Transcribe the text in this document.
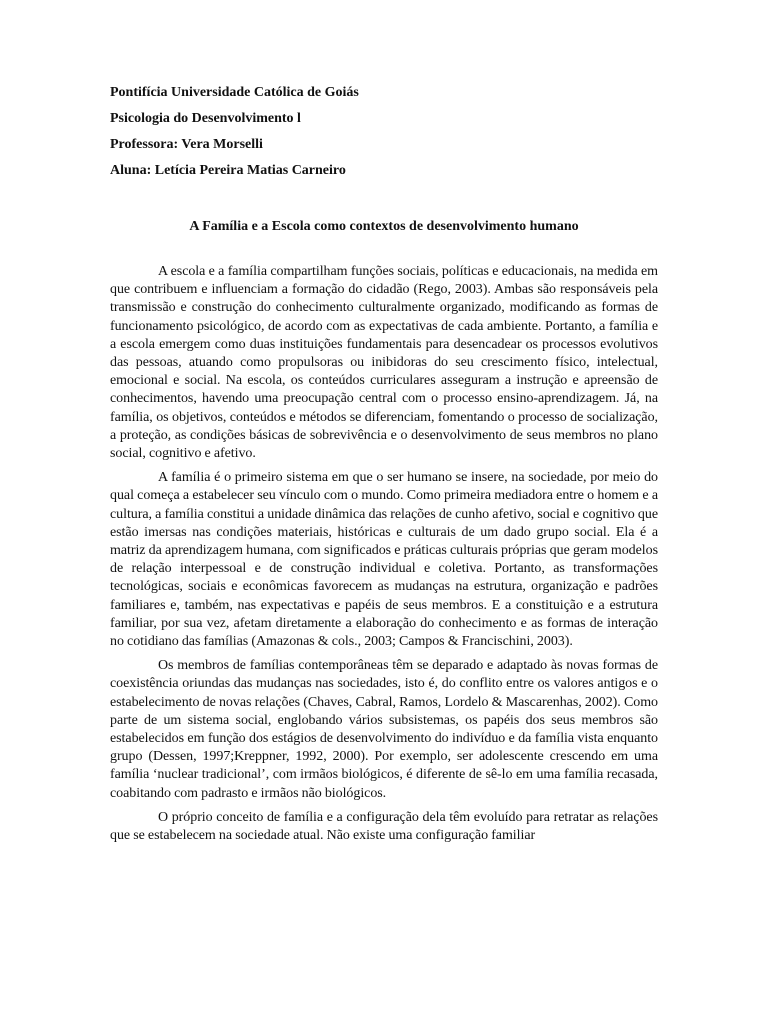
Pontifícia Universidade Católica de Goiás

Psicologia do Desenvolvimento l

Professora: Vera Morselli

Aluna: Letícia Pereira Matias Carneiro

A Família e a Escola como contextos de desenvolvimento humano

A escola e a família compartilham funções sociais, políticas e educacionais, na medida em que contribuem e influenciam a formação do cidadão (Rego, 2003). Ambas são responsáveis pela transmissão e construção do conhecimento culturalmente organizado, modificando as formas de funcionamento psicológico, de acordo com as expectativas de cada ambiente. Portanto, a família e a escola emergem como duas instituições fundamentais para desencadear os processos evolutivos das pessoas, atuando como propulsoras ou inibidoras do seu crescimento físico, intelectual, emocional e social. Na escola, os conteúdos curriculares asseguram a instrução e apreensão de conhecimentos, havendo uma preocupação central com o processo ensino-aprendizagem. Já, na família, os objetivos, conteúdos e métodos se diferenciam, fomentando o processo de socialização, a proteção, as condições básicas de sobrevivência e o desenvolvimento de seus membros no plano social, cognitivo e afetivo.

A família é o primeiro sistema em que o ser humano se insere, na sociedade, por meio do qual começa a estabelecer seu vínculo com o mundo. Como primeira mediadora entre o homem e a cultura, a família constitui a unidade dinâmica das relações de cunho afetivo, social e cognitivo que estão imersas nas condições materiais, históricas e culturais de um dado grupo social. Ela é a matriz da aprendizagem humana, com significados e práticas culturais próprias que geram modelos de relação interpessoal e de construção individual e coletiva. Portanto, as transformações tecnológicas, sociais e econômicas favorecem as mudanças na estrutura, organização e padrões familiares e, também, nas expectativas e papéis de seus membros. E a constituição e a estrutura familiar, por sua vez, afetam diretamente a elaboração do conhecimento e as formas de interação no cotidiano das famílias (Amazonas & cols., 2003; Campos & Francischini, 2003).

Os membros de famílias contemporâneas têm se deparado e adaptado às novas formas de coexistência oriundas das mudanças nas sociedades, isto é, do conflito entre os valores antigos e o estabelecimento de novas relações (Chaves, Cabral, Ramos, Lordelo & Mascarenhas, 2002). Como parte de um sistema social, englobando vários subsistemas, os papéis dos seus membros são estabelecidos em função dos estágios de desenvolvimento do indivíduo e da família vista enquanto grupo (Dessen, 1997;Kreppner, 1992, 2000). Por exemplo, ser adolescente crescendo em uma família ‘nuclear tradicional’, com irmãos biológicos, é diferente de sê-lo em uma família recasada, coabitando com padrasto e irmãos não biológicos.

O próprio conceito de família e a configuração dela têm evoluído para retratar as relações que se estabelecem na sociedade atual. Não existe uma configuração familiar
